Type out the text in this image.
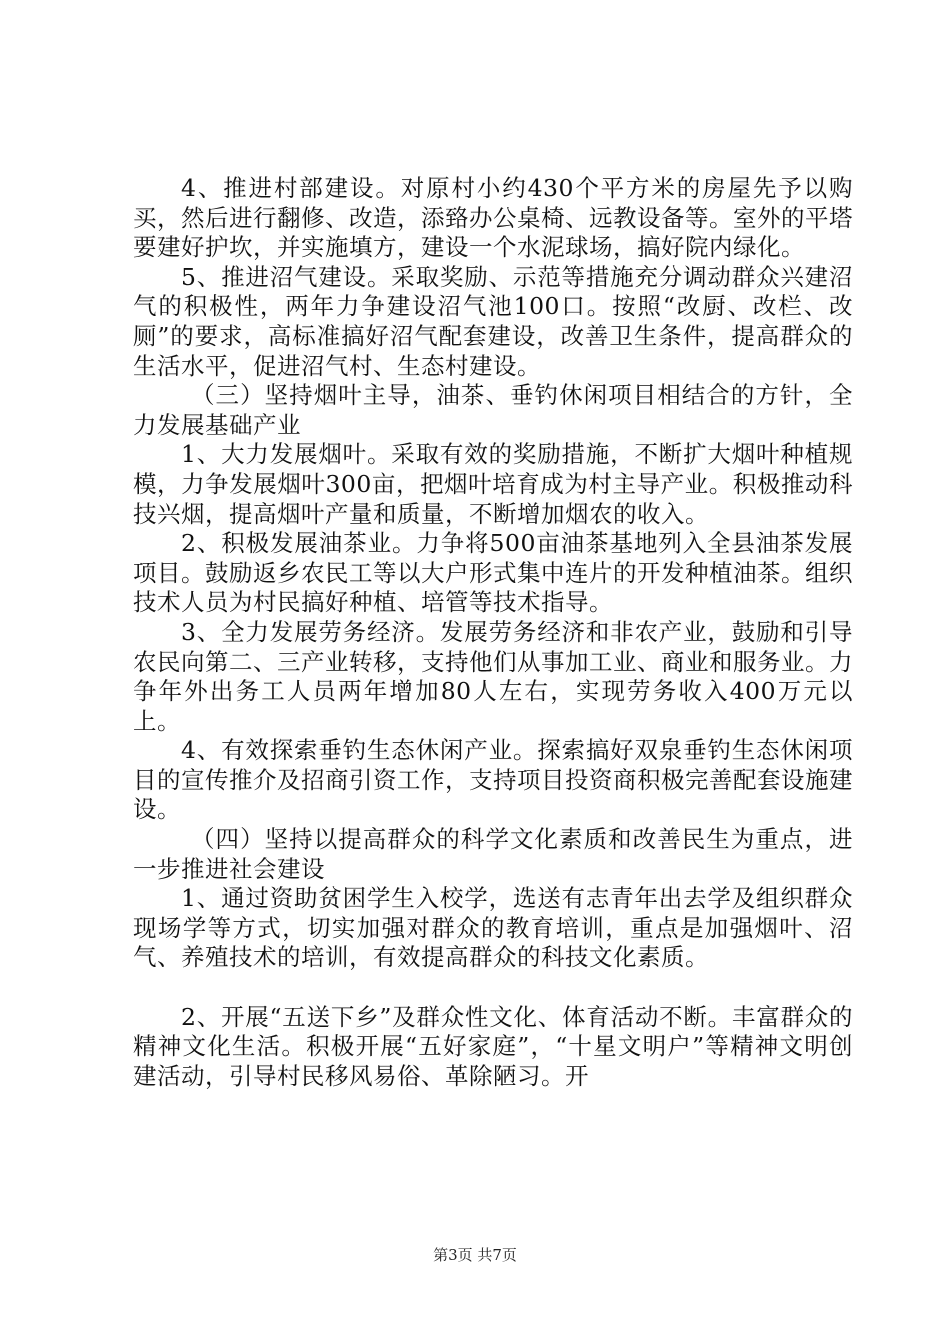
4、推进村部建设。对原村小约430个平方米的房屋先予以购买，然后进行翻修、改造，添臵办公桌椅、远教设备等。室外的平塔要建好护坎，并实施填方，建设一个水泥球场，搞好院内绿化。

5、推进沼气建设。采取奖励、示范等措施充分调动群众兴建沼气的积极性，两年力争建设沼气池100口。按照“改厨、改栏、改厕”的要求，高标准搞好沼气配套建设，改善卫生条件，提高群众的生活水平，促进沼气村、生态村建设。

（三）坚持烟叶主导，油茶、垂钓休闲项目相结合的方针，全力发展基础产业

1、大力发展烟叶。采取有效的奖励措施，不断扩大烟叶种植规模，力争发展烟叶300亩，把烟叶培育成为村主导产业。积极推动科技兴烟，提高烟叶产量和质量，不断增加烟农的收入。

2、积极发展油茶业。力争将500亩油茶基地列入全县油茶发展项目。鼓励返乡农民工等以大户形式集中连片的开发种植油茶。组织技术人员为村民搞好种植、培管等技术指导。

3、全力发展劳务经济。发展劳务经济和非农产业，鼓励和引导农民向第二、三产业转移，支持他们从事加工业、商业和服务业。力争年外出务工人员两年增加80人左右，实现劳务收入400万元以上。

4、有效探索垂钓生态休闲产业。探索搞好双泉垂钓生态休闲项目的宣传推介及招商引资工作，支持项目投资商积极完善配套设施建设。

（四）坚持以提高群众的科学文化素质和改善民生为重点，进一步推进社会建设

1、通过资助贫困学生入校学，选送有志青年出去学及组织群众现场学等方式，切实加强对群众的教育培训，重点是加强烟叶、沼气、养殖技术的培训，有效提高群众的科技文化素质。

2、开展“五送下乡”及群众性文化、体育活动不断。丰富群众的精神文化生活。积极开展“五好家庭”，“十星文明户”等精神文明创建活动，引导村民移风易俗、革除陋习。开

第3页 共7页
